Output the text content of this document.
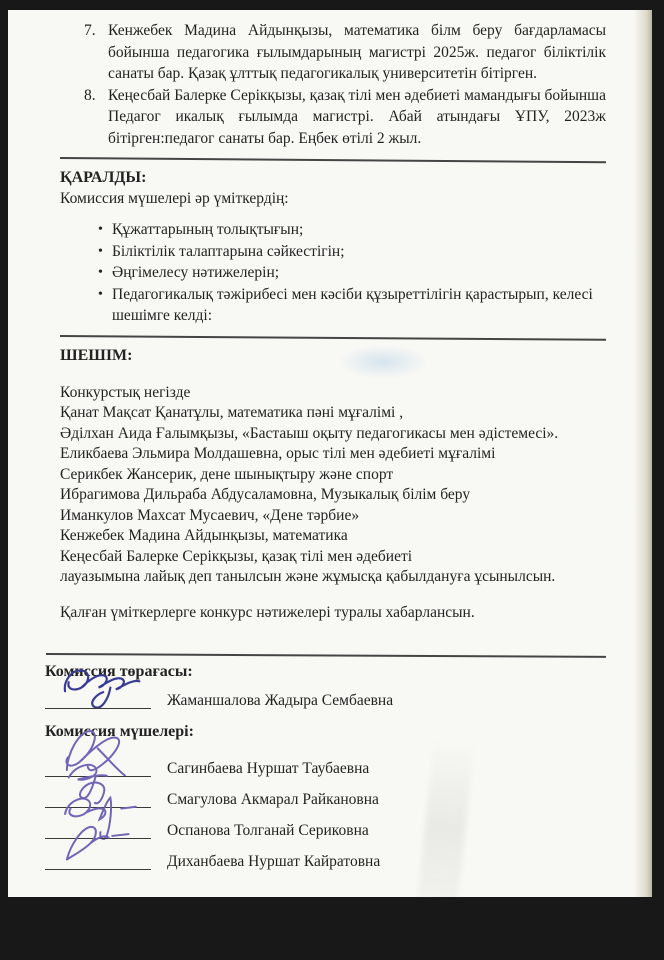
7. Кенжебек Мадина Айдынқызы, математика білм беру бағдарламасы бойынша педагогика ғылымдарының магистрі 2025ж. педагог біліктілік санаты бар. Қазақ ұлттық педагогикалық университетін бітірген.
8. Кеңесбай Балерке Серікқызы, қазақ тілі мен әдебиеті мамандығы бойынша Педагог икалық ғылымда магистрі. Абай атындағы ҰПУ, 2023ж бітірген:педагог санаты бар. Еңбек өтілі 2 жыл.
ҚАРАЛДЫ:
Комиссия мүшелері әр үміткердің:
• Құжаттарының толықтығын;
• Біліктілік талаптарына сәйкестігін;
• Әңгімелесу нәтижелерін;
• Педагогикалық тәжірибесі мен кәсіби құзыреттілігін қарастырып, келесі шешімге келді:
ШЕШІМ:
Конкурстық негізде
Қанат Мақсат Қанатұлы, математика пәні мұғалімі ,
Әділхан Аида Ғалымқызы, «Бастаыш оқыту педагогикасы мен әдістемесі».
Еликбаева Эльмира Молдашевна, орыс тілі мен әдебиеті мұғалімі
Серикбек Жансерик, дене шынықтыру және спорт
Ибрагимова Дильраба Абдусаламовна, Музыкалық білім беру
Иманкулов Махсат Мусаевич, «Дене тәрбие»
Кенжебек Мадина Айдынқызы, математика
Кеңесбай Балерке Серікқызы, қазақ тілі мен әдебиеті
лауазымына лайық деп танылсын және жұмысқа қабылдануға ұсынылсын.
Қалған үміткерлерге конкурс нәтижелері туралы хабарлансын.
Комиссия төрағасы:
Жаманшалова Жадыра Сембаевна
Комиссия мүшелері:
Сагинбаева Нуршат Таубаевна
Смагулова Акмарал Райкановна
Оспанова Толганай Сериковна
Диханбаева Нуршат Кайратовна
